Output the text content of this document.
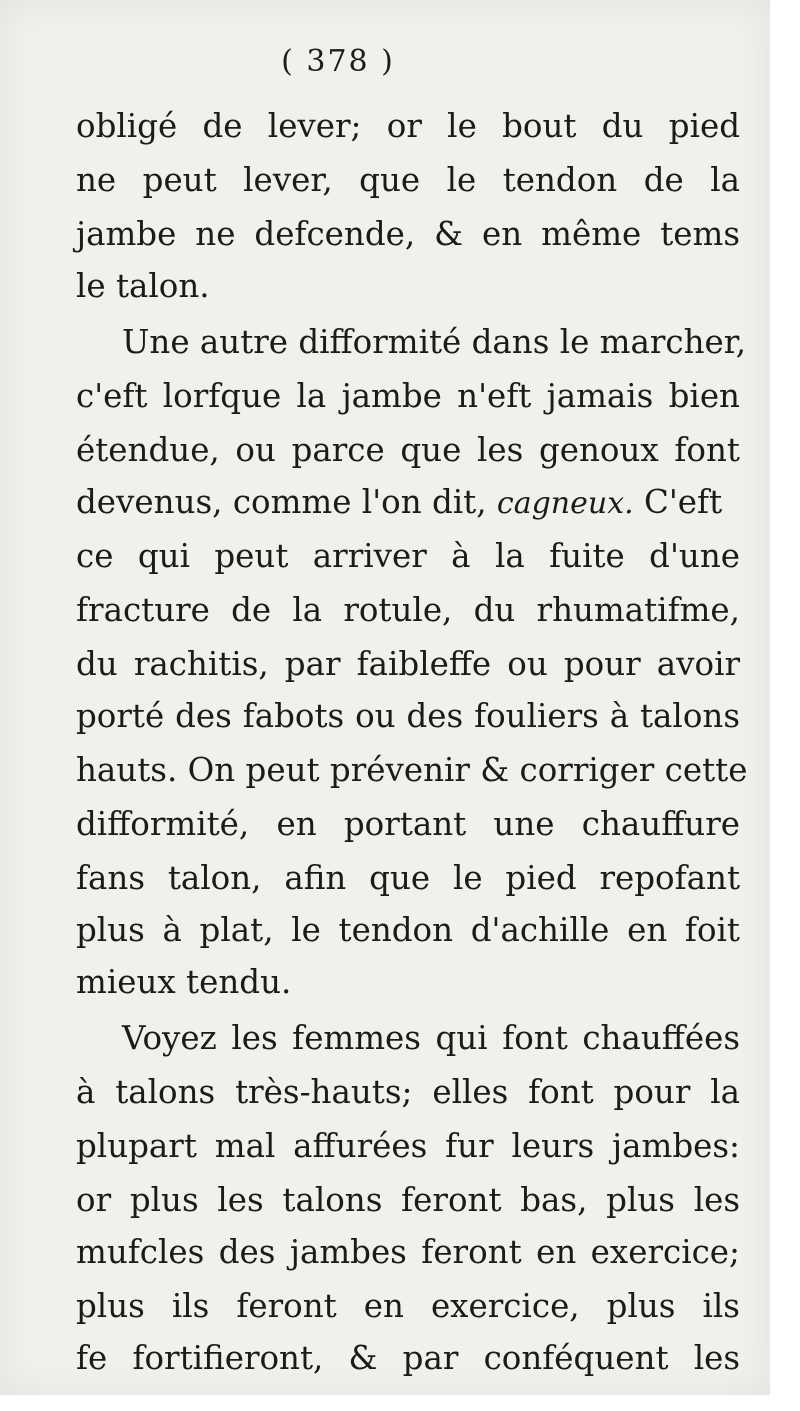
( 378 )
obligé de lever; or le bout du pied
ne peut lever, que le tendon de la
jambe ne defcende, & en même tems
le talon.
Une autre difformité dans le marcher,
c'eft lorfque la jambe n'eft jamais bien
étendue, ou parce que les genoux font
devenus, comme l'on dit, cagneux. C'eft
ce qui peut arriver à la fuite d'une
fracture de la rotule, du rhumatifme,
du rachitis, par faibleffe ou pour avoir
porté des fabots ou des fouliers à talons
hauts. On peut prévenir & corriger cette
difformité, en portant une chauffure
fans talon, afin que le pied repofant
plus à plat, le tendon d'achille en foit
mieux tendu.
Voyez les femmes qui font chauffées
à talons très-hauts; elles font pour la
plupart mal affurées fur leurs jambes:
or plus les talons feront bas, plus les
mufcles des jambes feront en exercice;
plus ils feront en exercice, plus ils
fe fortifieront, & par conféquent les
